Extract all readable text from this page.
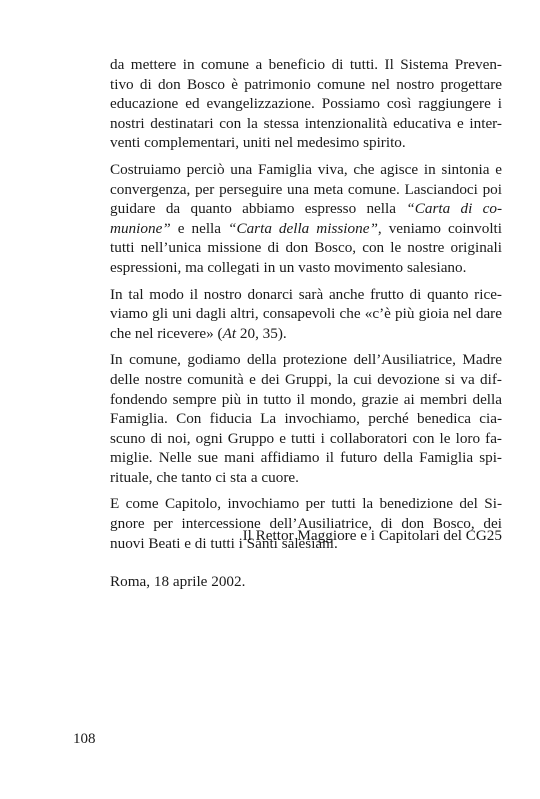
da mettere in comune a beneficio di tutti. Il Sistema Preven- tivo di don Bosco è patrimonio comune nel nostro progettare educazione ed evangelizzazione. Possiamo così raggiungere i nostri destinatari con la stessa intenzionalità educativa e inter- venti complementari, uniti nel medesimo spirito.

Costruiamo perciò una Famiglia viva, che agisce in sintonia e convergenza, per perseguire una meta comune. Lasciandoci poi guidare da quanto abbiamo espresso nella “Carta di co-munione” e nella “Carta della missione”, veniamo coinvolti tutti nell’unica missione di don Bosco, con le nostre originali espressioni, ma collegati in un vasto movimento salesiano.

In tal modo il nostro donarci sarà anche frutto di quanto rice-viamo gli uni dagli altri, consapevoli che «c’è più gioia nel dare che nel ricevere» (At 20, 35).

In comune, godiamo della protezione dell’Ausiliatrice, Madre delle nostre comunità e dei Gruppi, la cui devozione si va dif-fondendo sempre più in tutto il mondo, grazie ai membri della Famiglia. Con fiducia La invochiamo, perché benedica cia-scuno di noi, ogni Gruppo e tutti i collaboratori con le loro fa-miglie. Nelle sue mani affidiamo il futuro della Famiglia spi-rituale, che tanto ci sta a cuore.

E come Capitolo, invochiamo per tutti la benedizione del Si-gnore per intercessione dell’Ausiliatrice, di don Bosco, dei nuovi Beati e di tutti i Santi salesiani.

Il Rettor Maggiore e i Capitolari del CG25
Roma, 18 aprile 2002.
108
